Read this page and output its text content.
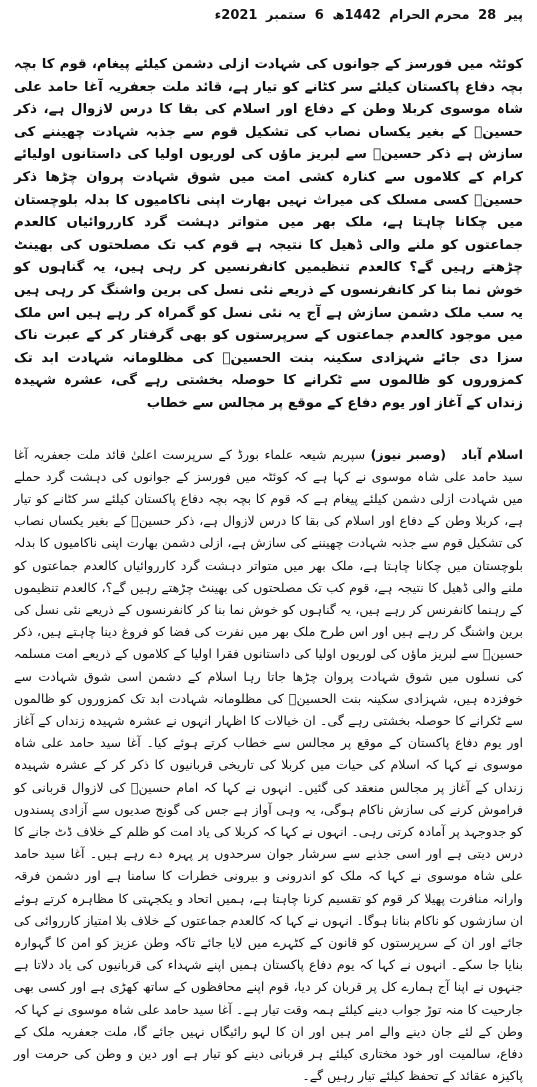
پیر 28 محرم الحرام 1442ھ 6 ستمبر 2021ء

کوئٹہ میں فورسز کے جوانوں کی شہادت ازلی دشمن کیلئے پیغام، قوم کا بچہ بچہ دفاع پاکستان کیلئے سر کٹانے کو تیار ہے، قائد ملت جعفریہ آغا حامد علی شاہ موسوی کربلا وطن کے دفاع اور اسلام کی بقا کا درس لازوال ہے، ذکر حسینؑ کے بغیر یکساں نصاب کی تشکیل قوم سے جذبہ شہادت چھیننے کی سازش ہے ذکر حسینؑ سے لبریز ماؤں کی لوریوں اولیا کی داستانوں اولیائے کرام کے کلاموں سے کنارہ کشی امت میں شوق شہادت پروان چڑھا ذکر حسینؑ کسی مسلک کی میراث نہیں بھارت اپنی ناکامیوں کا بدلہ بلوچستان میں چکانا چاہتا ہے، ملک بھر میں متواتر دہشت گرد کارروائیاں کالعدم جماعتوں کو ملنے والی ڈھیل کا نتیجہ ہے قوم کب تک مصلحتوں کی بھینٹ چڑھتے رہیں گے؟ کالعدم تنظیمیں کانفرنسیں کر رہی ہیں، یہ گناہوں کو خوش نما بنا کر کانفرنسوں کے ذریعے نئی نسل کی برین واشنگ کر رہی ہیں یہ سب ملک دشمن سازش ہے آج یہ نئی نسل کو گمراہ کر رہے ہیں اس ملک میں موجود کالعدم جماعتوں کے سرپرستوں کو بھی گرفتار کر کے عبرت ناک سزا دی جائے شہزادی سکینہ بنت الحسینؑ کی مظلومانہ شہادت ابد تک کمزوروں کو ظالموں سے ٹکرانے کا حوصلہ بخشتی رہے گی، عشرہ شہیدہ زنداں کے آغاز اور یوم دفاع کے موقع پر مجالس سے خطاب

اسلام آباد (وصبر نیوز) سپریم شیعہ علماء بورڈ کے سرپرست اعلیٰ قائد ملت جعفریہ آغا سید حامد علی شاہ موسوی نے کہا ہے کہ کوئٹہ میں فورسز کے جوانوں کی دہشت گرد حملے میں شہادت ازلی دشمن کیلئے پیغام ہے کہ قوم کا بچہ بچہ دفاع پاکستان کیلئے سر کٹانے کو تیار ہے، کربلا وطن کے دفاع اور اسلام کی بقا کا درس لازوال ہے، ذکر حسینؑ کے بغیر یکساں نصاب کی تشکیل قوم سے جذبہ شہادت چھیننے کی سازش ہے، ازلی دشمن بھارت اپنی ناکامیوں کا بدلہ بلوچستان میں چکانا چاہتا ہے، ملک بھر میں متواتر دہشت گرد کارروائیاں کالعدم جماعتوں کو ملنے والی ڈھیل کا نتیجہ ہے، قوم کب تک مصلحتوں کی بھینٹ چڑھتے رہیں گے؟، کالعدم تنظیموں کے رہنما کانفرنس کر رہے ہیں، یہ گناہوں کو خوش نما بنا کر کانفرنسوں کے ذریعے نئی نسل کی برین واشنگ کر رہے ہیں اور اس طرح ملک بھر میں نفرت کی فضا کو فروغ دینا چاہتے ہیں، ذکر حسینؑ سے لبریز ماؤں کی لوریوں اولیا کی داستانوں فقرا اولیا کے کلاموں کے ذریعے امت مسلمہ کی نسلوں میں شوق شہادت پروان چڑھا جاتا رہا اسلام کے دشمن اسی شوق شہادت سے خوفزدہ ہیں، شہزادی سکینہ بنت الحسینؑ کی مظلومانہ شہادت ابد تک کمزوروں کو ظالموں سے ٹکرانے کا حوصلہ بخشتی رہے گی۔ ان خیالات کا اظہار انہوں نے عشرہ شہیدہ زنداں کے آغاز اور یوم دفاع پاکستان کے موقع پر مجالس سے خطاب کرتے ہوئے کیا۔ آغا سید حامد علی شاہ موسوی نے کہا کہ اسلام کی حیات میں کربلا کی تاریخی قربانیوں کا ذکر کر کے عشرہ شہیدہ زنداں کے آغاز پر مجالس منعقد کی گئیں۔ انہوں نے کہا کہ امام حسینؑ کی لازوال قربانی کو فراموش کرنے کی سازش ناکام ہوگی، یہ وہی آواز ہے جس کی گونج صدیوں سے آزادی پسندوں کو جدوجہد پر آمادہ کرتی رہی۔ انہوں نے کہا کہ کربلا کی یاد امت کو ظلم کے خلاف ڈٹ جانے کا درس دیتی ہے اور اسی جذبے سے سرشار جوان سرحدوں پر پہرہ دے رہے ہیں۔ آغا سید حامد علی شاہ موسوی نے کہا کہ ملک کو اندرونی و بیرونی خطرات کا سامنا ہے اور دشمن فرقہ وارانہ منافرت پھیلا کر قوم کو تقسیم کرنا چاہتا ہے، ہمیں اتحاد و یکجہتی کا مظاہرہ کرتے ہوئے ان سازشوں کو ناکام بنانا ہوگا۔ انہوں نے کہا کہ کالعدم جماعتوں کے خلاف بلا امتیاز کارروائی کی جائے اور ان کے سرپرستوں کو قانون کے کٹہرے میں لایا جائے تاکہ وطن عزیز کو امن کا گہوارہ بنایا جا سکے۔ انہوں نے کہا کہ یوم دفاع پاکستان ہمیں اپنے شہداء کی قربانیوں کی یاد دلاتا ہے جنہوں نے اپنا آج ہمارے کل پر قربان کر دیا، قوم اپنے محافظوں کے ساتھ کھڑی ہے اور کسی بھی جارحیت کا منہ توڑ جواب دینے کیلئے ہمہ وقت تیار ہے۔ آغا سید حامد علی شاہ موسوی نے کہا کہ وطن کے لئے جان دینے والے امر ہیں اور ان کا لہو رائیگاں نہیں جائے گا، ملت جعفریہ ملک کے دفاع، سالمیت اور خود مختاری کیلئے ہر قربانی دینے کو تیار ہے اور دین و وطن کی حرمت اور پاکیزہ عقائد کے تحفظ کیلئے تیار رہیں گے۔
